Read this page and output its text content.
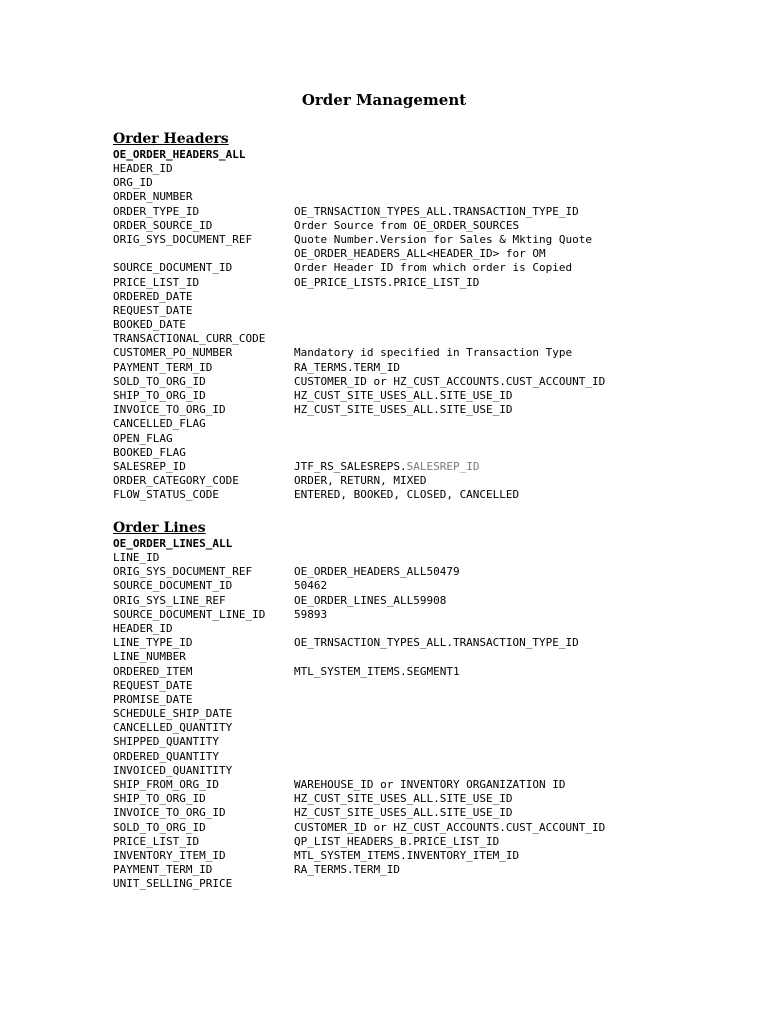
Order Management
Order Headers
OE_ORDER_HEADERS_ALL
HEADER_ID
ORG_ID
ORDER_NUMBER
ORDER_TYPE_ID	OE_TRNSACTION_TYPES_ALL.TRANSACTION_TYPE_ID
ORDER_SOURCE_ID	Order Source from OE_ORDER_SOURCES
ORIG_SYS_DOCUMENT_REF	Quote Number.Version for Sales & Mkting Quote
OE_ORDER_HEADERS_ALL<HEADER_ID> for OM
SOURCE_DOCUMENT_ID	Order Header ID from which order is Copied
PRICE_LIST_ID	OE_PRICE_LISTS.PRICE_LIST_ID
ORDERED_DATE
REQUEST_DATE
BOOKED_DATE
TRANSACTIONAL_CURR_CODE
CUSTOMER_PO_NUMBER	Mandatory id specified in Transaction Type
PAYMENT_TERM_ID	RA_TERMS.TERM_ID
SOLD_TO_ORG_ID	CUSTOMER_ID or HZ_CUST_ACCOUNTS.CUST_ACCOUNT_ID
SHIP_TO_ORG_ID	HZ_CUST_SITE_USES_ALL.SITE_USE_ID
INVOICE_TO_ORG_ID	HZ_CUST_SITE_USES_ALL.SITE_USE_ID
CANCELLED_FLAG
OPEN_FLAG
BOOKED_FLAG
SALESREP_ID	JTF_RS_SALESREPS.SALESREP_ID
ORDER_CATEGORY_CODE	ORDER, RETURN, MIXED
FLOW_STATUS_CODE	ENTERED, BOOKED, CLOSED, CANCELLED
Order Lines
OE_ORDER_LINES_ALL
LINE_ID
ORIG_SYS_DOCUMENT_REF	OE_ORDER_HEADERS_ALL50479
SOURCE_DOCUMENT_ID	50462
ORIG_SYS_LINE_REF	OE_ORDER_LINES_ALL59908
SOURCE_DOCUMENT_LINE_ID	59893
HEADER_ID
LINE_TYPE_ID	OE_TRNSACTION_TYPES_ALL.TRANSACTION_TYPE_ID
LINE_NUMBER
ORDERED_ITEM	MTL_SYSTEM_ITEMS.SEGMENT1
REQUEST_DATE
PROMISE_DATE
SCHEDULE_SHIP_DATE
CANCELLED_QUANTITY
SHIPPED_QUANTITY
ORDERED_QUANTITY
INVOICED_QUANITITY
SHIP_FROM_ORG_ID	WAREHOUSE_ID or INVENTORY ORGANIZATION ID
SHIP_TO_ORG_ID	HZ_CUST_SITE_USES_ALL.SITE_USE_ID
INVOICE_TO_ORG_ID	HZ_CUST_SITE_USES_ALL.SITE_USE_ID
SOLD_TO_ORG_ID	CUSTOMER_ID or HZ_CUST_ACCOUNTS.CUST_ACCOUNT_ID
PRICE_LIST_ID	QP_LIST_HEADERS_B.PRICE_LIST_ID
INVENTORY_ITEM_ID	MTL_SYSTEM_ITEMS.INVENTORY_ITEM_ID
PAYMENT_TERM_ID	RA_TERMS.TERM_ID
UNIT_SELLING_PRICE
